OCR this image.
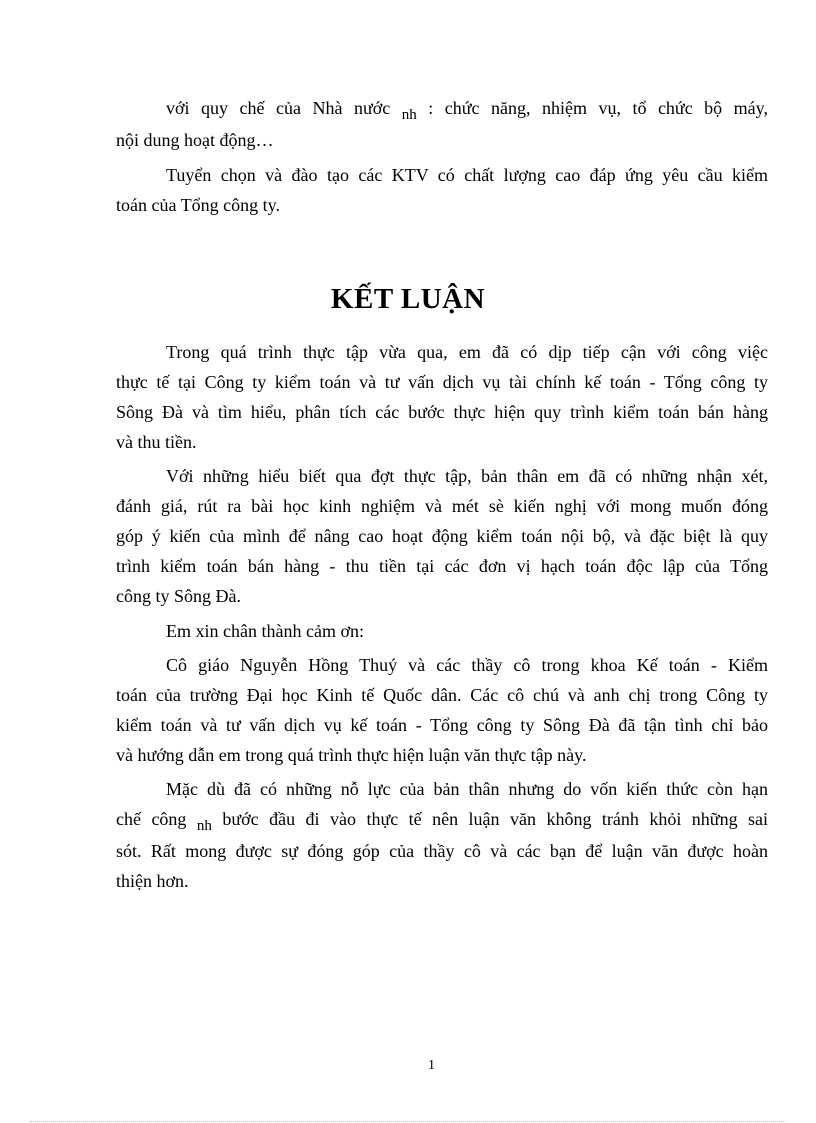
với quy chế của Nhà nước $_{nh}$ : chức năng, nhiệm vụ, tổ chức bộ máy,
nội dung hoạt động…

Tuyển chọn và đào tạo các KTV có chất lượng cao đáp ứng yêu cầu kiểm
toán của Tổng công ty.

KẾT LUẬN

Trong quá trình thực tập vừa qua, em đã có dịp tiếp cận với công việc
thực tế tại Công ty kiểm toán và tư vấn dịch vụ tài chính kế toán - Tổng công ty
Sông Đà và tìm hiểu, phân tích các bước thực hiện quy trình kiểm toán bán hàng
và thu tiền.

Với những hiểu biết qua đợt thực tập, bản thân em đã có những nhận xét,
đánh giá, rút ra bài học kinh nghiệm và mét sè kiến nghị với mong muốn đóng
góp ý kiến của mình để nâng cao hoạt động kiểm toán nội bộ, và đặc biệt là quy
trình kiểm toán bán hàng - thu tiền tại các đơn vị hạch toán độc lập của Tổng
công ty Sông Đà.

Em xin chân thành cảm ơn:

Cô giáo Nguyễn Hồng Thuý và các thầy cô trong khoa Kế toán - Kiểm
toán của trường Đại học Kinh tế Quốc dân. Các cô chú và anh chị trong Công ty
kiểm toán và tư vấn dịch vụ kế toán - Tổng công ty Sông Đà đã tận tình chỉ bảo
và hướng dẫn em trong quá trình thực hiện luận văn thực tập này.

Mặc dù đã có những nỗ lực của bản thân nhưng do vốn kiến thức còn hạn
chế công $_{nh}$ bước đầu đi vào thực tế nên luận văn không tránh khỏi những sai
sót. Rất mong được sự đóng góp của thầy cô và các bạn để luận văn được hoàn
thiện hơn.

1
